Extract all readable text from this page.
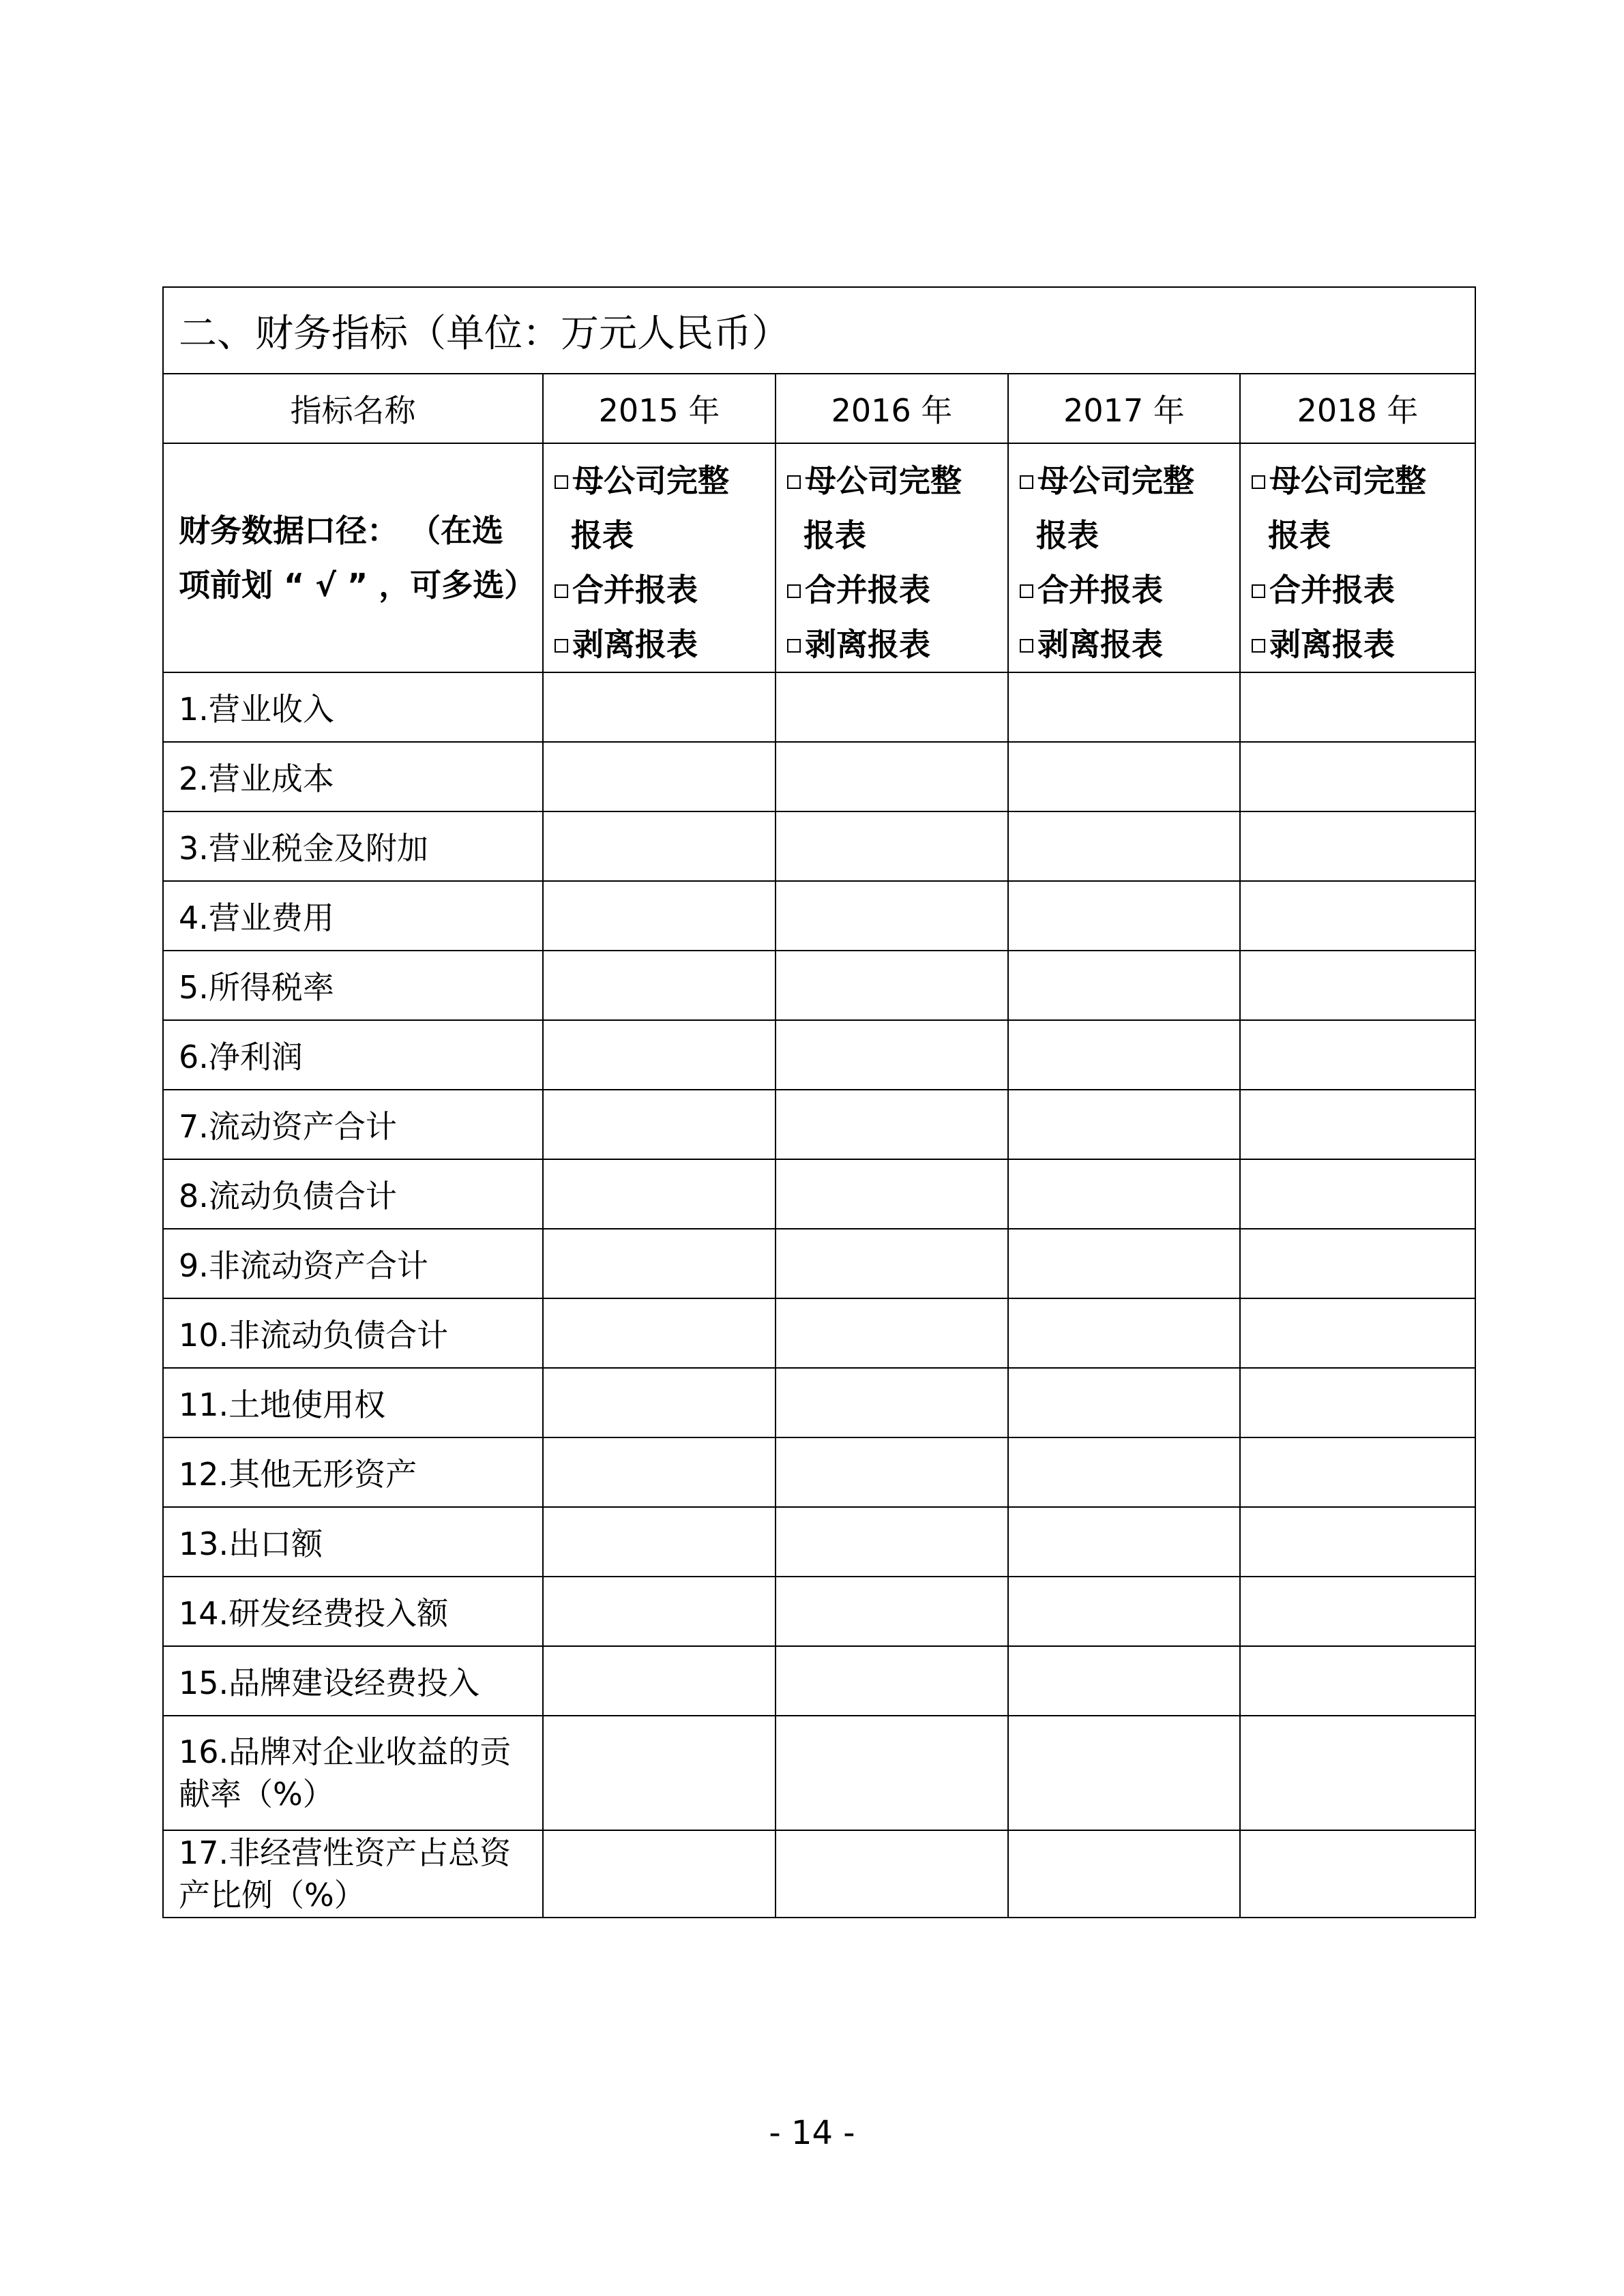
二、财务指标（单位：万元人民币）				
指标名称	2015 年	2016 年	2017 年	2018 年

财务数据口径： （在选
项前划 “ √ ” ，可多选）	母公司完整
报表
合并报表
剥离报表	母公司完整
报表
合并报表
剥离报表	母公司完整
报表
合并报表
剥离报表	母公司完整
报表
合并报表
剥离报表

1.营业收入				
2.营业成本				
3.营业税金及附加				
4.营业费用				
5.所得税率				
6.净利润				
7.流动资产合计				
8.流动负债合计				
9.非流动资产合计				
10.非流动负债合计				
11.土地使用权				
12.其他无形资产				
13.出口额				
14.研发经费投入额				
15.品牌建设经费投入				

16.品牌对企业收益的贡
献率（%）				

17.非经营性资产占总资
产比例（%）				

- 14 -
